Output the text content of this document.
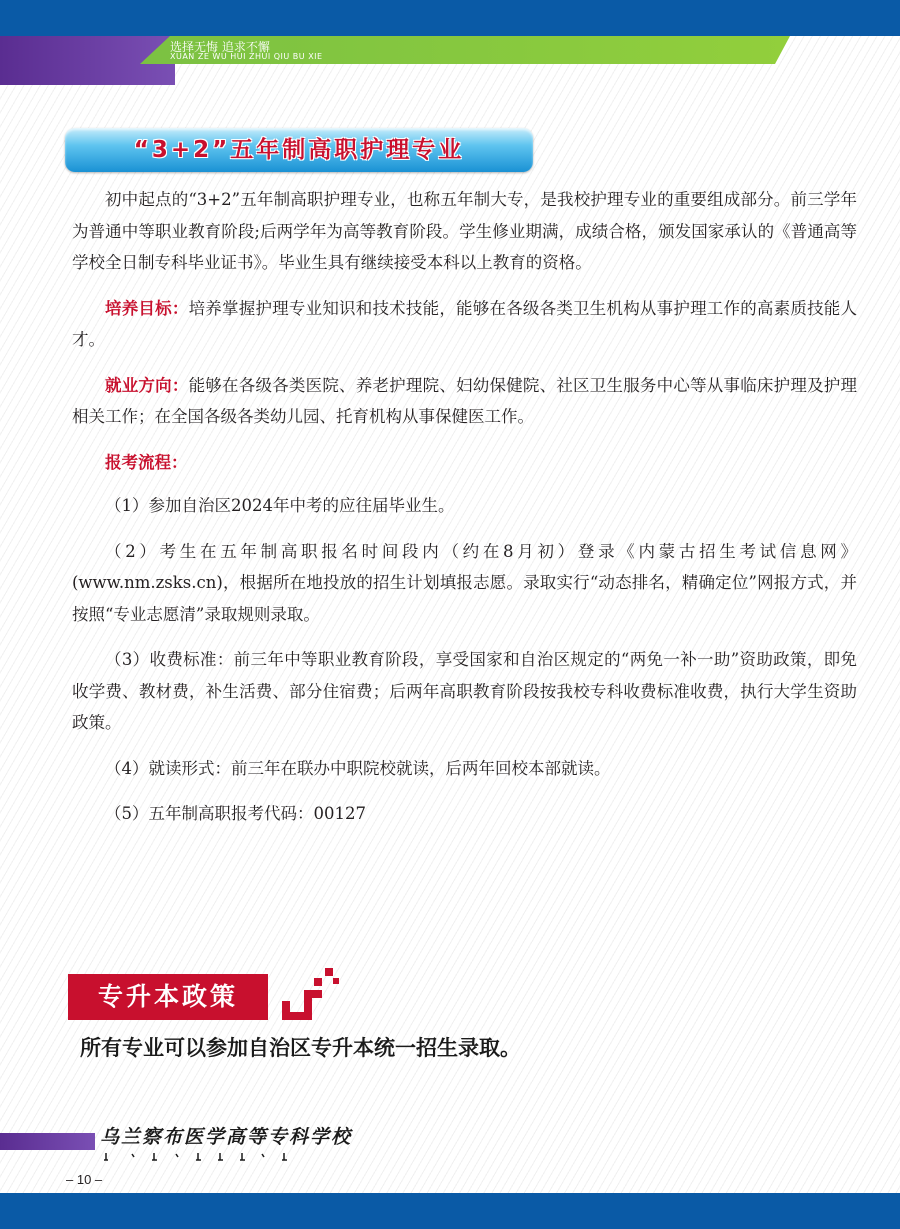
选择无悔 追求不懈
XUAN ZE WU HUI ZHUI QIU BU XIE
“3+2”五年制高职护理专业

初中起点的“3+2”五年制高职护理专业，也称五年制大专，是我校护理专业的重要组成部分。前三学年为普通中等职业教育阶段;后两学年为高等教育阶段。学生修业期满，成绩合格，颁发国家承认的《普通高等学校全日制专科毕业证书》。毕业生具有继续接受本科以上教育的资格。

培养目标：培养掌握护理专业知识和技术技能，能够在各级各类卫生机构从事护理工作的高素质技能人才。

就业方向：能够在各级各类医院、养老护理院、妇幼保健院、社区卫生服务中心等从事临床护理及护理相关工作；在全国各级各类幼儿园、托育机构从事保健医工作。

报考流程：

（1）参加自治区2024年中考的应往届毕业生。

（2）考生在五年制高职报名时间段内（约在8月初）登录《内蒙古招生考试信息网》(www.nm.zsks.cn)，根据所在地投放的招生计划填报志愿。录取实行“动态排名，精确定位”网报方式，并按照“专业志愿清”录取规则录取。

（3）收费标准：前三年中等职业教育阶段，享受国家和自治区规定的“两免一补一助”资助政策，即免收学费、教材费，补生活费、部分住宿费；后两年高职教育阶段按我校专科收费标准收费，执行大学生资助政策。

（4）就读形式：前三年在联办中职院校就读，后两年回校本部就读。

（5）五年制高职报考代码：00127

专升本政策
所有专业可以参加自治区专升本统一招生录取。
乌兰察布医学高等专科学校
– 10 –
